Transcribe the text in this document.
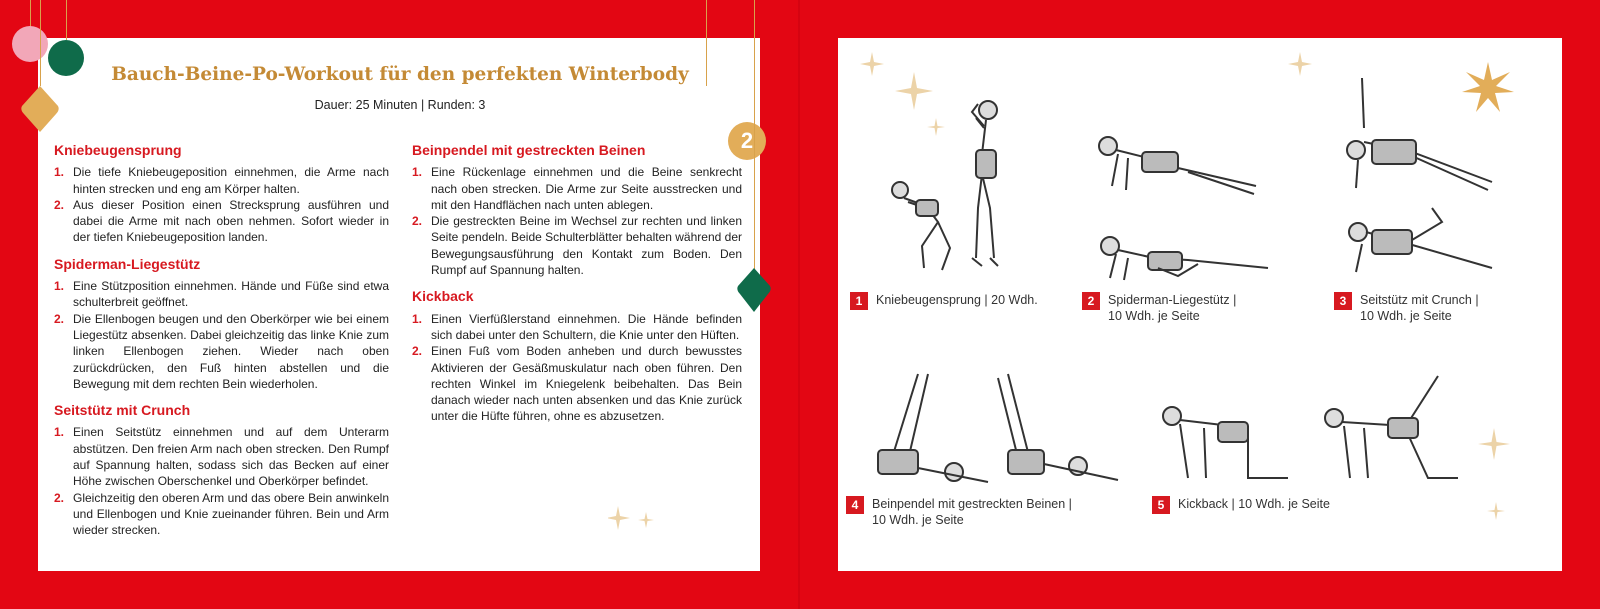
Bauch-Beine-Po-Workout für den perfekten Winterbody
Dauer: 25 Minuten | Runden: 3
2
Kniebeugensprung
1. Die tiefe Kniebeugeposition einnehmen, die Arme nach hinten strecken und eng am Körper halten.
2. Aus dieser Position einen Strecksprung ausführen und dabei die Arme mit nach oben nehmen. Sofort wieder in der tiefen Kniebeugeposition landen.
Spiderman-Liegestütz
1. Eine Stützposition einnehmen. Hände und Füße sind etwa schulterbreit geöffnet.
2. Die Ellenbogen beugen und den Oberkörper wie bei einem Liegestütz absenken. Dabei gleichzeitig das linke Knie zum linken Ellenbogen ziehen. Wieder nach oben zurückdrücken, den Fuß hinten abstellen und die Bewegung mit dem rechten Bein wiederholen.
Seitstütz mit Crunch
1. Einen Seitstütz einnehmen und auf dem Unterarm abstützen. Den freien Arm nach oben strecken. Den Rumpf auf Spannung halten, sodass sich das Becken auf einer Höhe zwischen Oberschenkel und Oberkörper befindet.
2. Gleichzeitig den oberen Arm und das obere Bein anwinkeln und Ellenbogen und Knie zueinander führen. Bein und Arm wieder strecken.
Beinpendel mit gestreckten Beinen
1. Eine Rückenlage einnehmen und die Beine senkrecht nach oben strecken. Die Arme zur Seite ausstrecken und mit den Handflächen nach unten ablegen.
2. Die gestreckten Beine im Wechsel zur rechten und linken Seite pendeln. Beide Schulterblätter behalten während der Bewegungsausführung den Kontakt zum Boden. Den Rumpf auf Spannung halten.
Kickback
1. Einen Vierfüßlerstand einnehmen. Die Hände befinden sich dabei unter den Schultern, die Knie unter den Hüften.
2. Einen Fuß vom Boden anheben und durch bewusstes Aktivieren der Gesäßmuskulatur nach oben führen. Den rechten Winkel im Kniegelenk beibehalten. Das Bein danach wieder nach unten absenken und das Knie zurück unter die Hüfte führen, ohne es abzusetzen.
1	Kniebeugensprung | 20 Wdh.	2	Spiderman-Liegestütz |
10 Wdh. je Seite
3	Seitstütz mit Crunch |
10 Wdh. je Seite
4	Beinpendel mit gestreckten Beinen |
10 Wdh. je Seite
5	Kickback | 10 Wdh. je Seite
